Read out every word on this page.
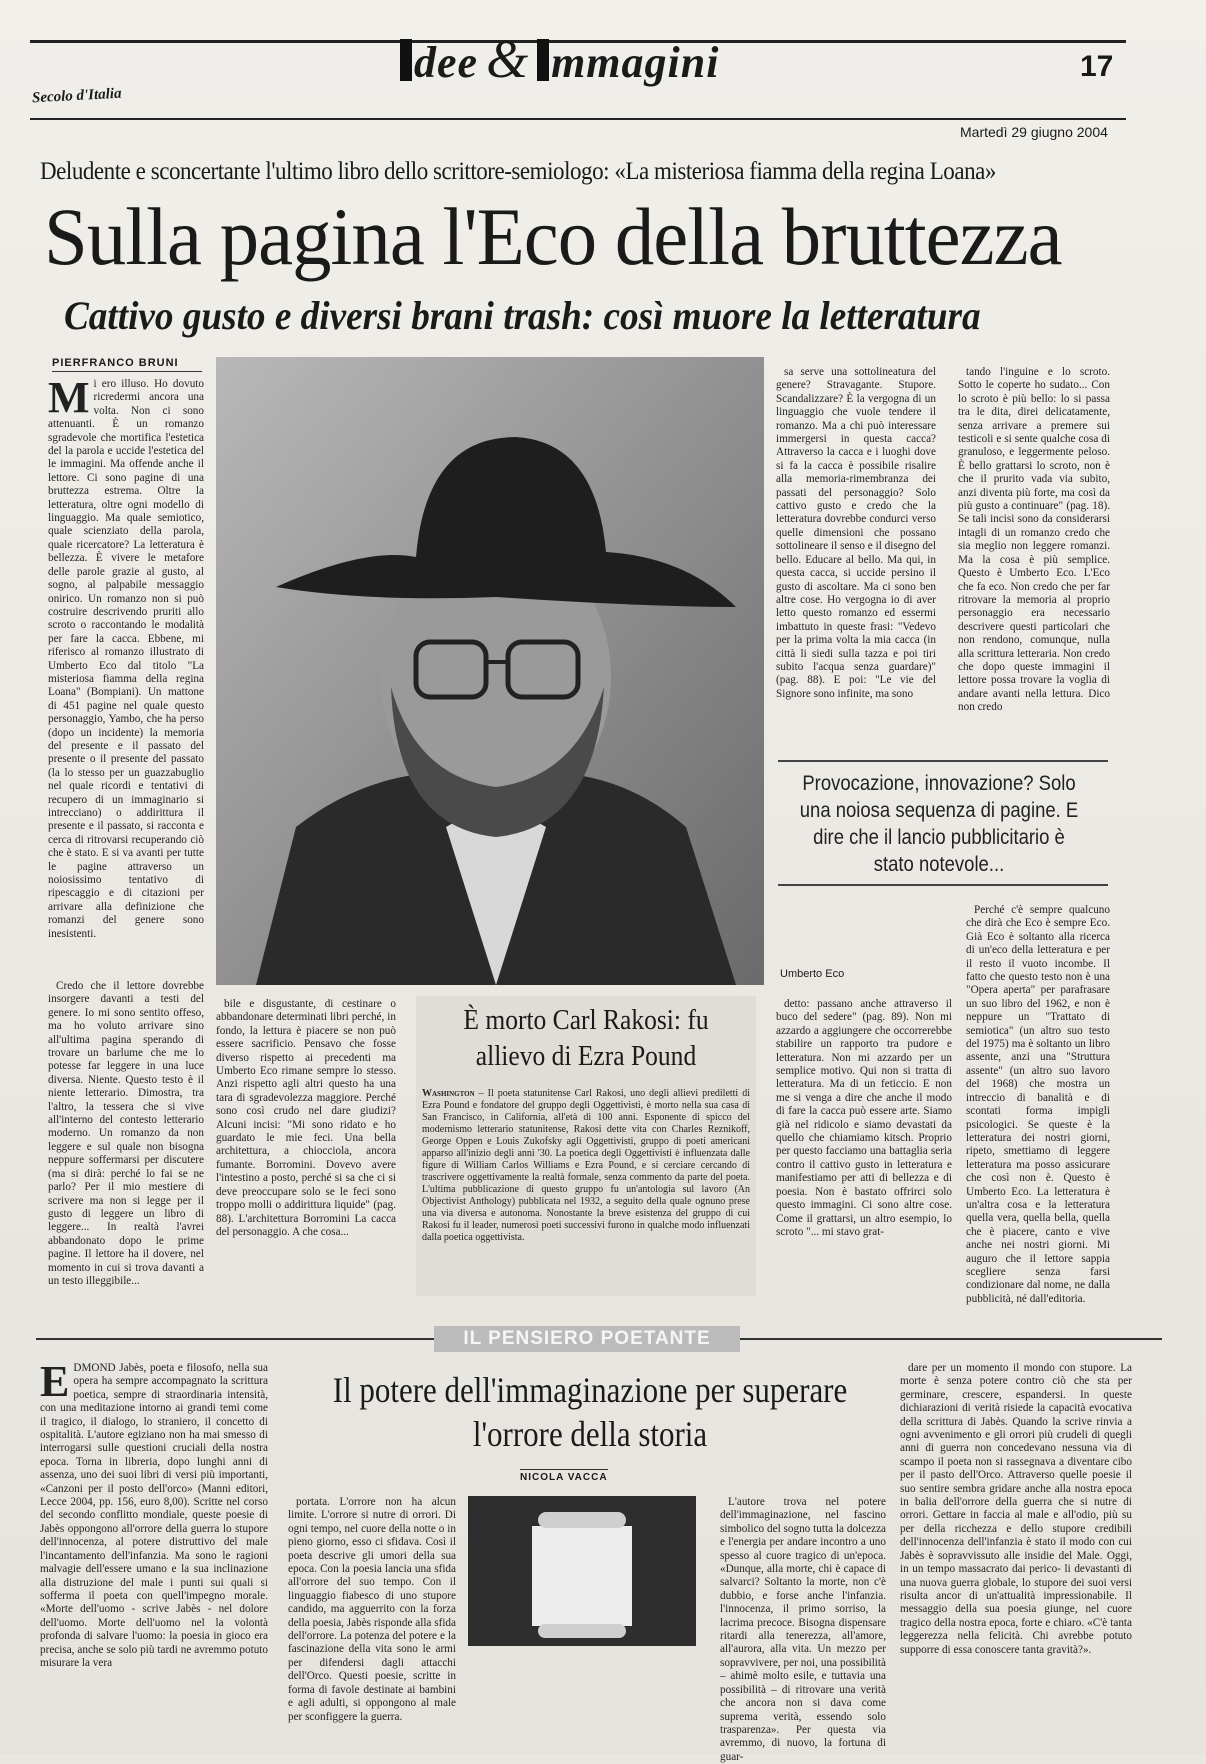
Secolo d'Italia
dee & mmagini	17
Martedì 29 giugno 2004
Deludente e sconcertante l'ultimo libro dello scrittore-semiologo: «La misteriosa fiamma della regina Loana»
Sulla pagina l'Eco della bruttezza
Cattivo gusto e diversi brani trash: così muore la letteratura
PIERFRANCO BRUNI
Mi ero illuso. Ho dovuto ricredermi ancora una volta. Non ci sono attenuanti. È un romanzo sgradevole che mortifica l'estetica del la parola e uccide l'estetica del le immagini. Ma offende anche il lettore. Ci sono pagine di una bruttezza estrema. Oltre la letteratura, oltre ogni modello di linguaggio. Ma quale semiotico, quale scienziato della parola, quale ricercatore? La letteratura è bellezza. È vivere le metafore delle parole grazie al gusto, al sogno, al palpabile messaggio onirico. Un romanzo non si può costruire descrivendo pruriti allo scroto o raccontando le modalità per fare la cacca. Ebbene, mi riferisco al romanzo illustrato di Umberto Eco dal titolo "La misteriosa fiamma della regina Loana" (Bompiani). Un mattone di 451 pagine nel quale questo personaggio, Yambo, che ha perso (dopo un incidente) la memoria del presente e il passato del presente o il presente del passato (la lo stesso per un guazzabuglio nel quale ricordi e tentativi di recupero di un immaginario si intrecciano) o addirittura il presente e il passato, si racconta e cerca di ritrovarsi recuperando ciò che è stato. E si va avanti per tutte le pagine attraverso un noiosissimo tentativo di ripescaggio e di citazioni per arrivare alla definizione che romanzi del genere sono inesistenti.

Credo che il lettore dovrebbe insorgere davanti a testi del genere. Io mi sono sentito offeso, ma ho voluto arrivare sino all'ultima pagina sperando di trovare un barlume che me lo potesse far leggere in una luce diversa. Niente. Questo testo è il niente letterario. Dimostra, tra l'altro, la tessera che si vive all'interno del contesto letterario moderno. Un romanzo da non leggere e sul quale non bisogna neppure soffermarsi per discutere (ma si dirà: perché lo fai se ne parlo? Per il mio mestiere di scrivere ma non si legge per il gusto di leggere un libro di leggere... In realtà l'avrei abbandonato dopo le prime pagine. Il lettore ha il dovere, nel momento in cui si trova davanti a un testo illeggibile...

Umberto Eco

sa serve una sottolineatura del genere? Stravagante. Stupore. Scandalizzare? È la vergogna di un linguaggio che vuole tendere il romanzo. Ma a chi può interessare immergersi in questa cacca? Attraverso la cacca e i luoghi dove si fa la cacca è possibile risalire alla memoria-rimembranza dei passati del personaggio? Solo cattivo gusto e credo che la letteratura dovrebbe condurci verso quelle dimensioni che possano sottolineare il senso e il disegno del bello. Educare al bello. Ma qui, in questa cacca, si uccide persino il gusto di ascoltare. Ma ci sono ben altre cose. Ho vergogna io di aver letto questo romanzo ed essermi imbattuto in queste frasi: "Vedevo per la prima volta la mia cacca (in città li siedi sulla tazza e poi tiri subito l'acqua senza guardare)" (pag. 88). E poi: "Le vie del Signore sono infinite, ma sono

tando l'inguine e lo scroto. Sotto le coperte ho sudato... Con lo scroto è più bello: lo si passa tra le dita, direi delicatamente, senza arrivare a premere sui testicoli e si sente qualche cosa di granuloso, e leggermente peloso. È bello grattarsi lo scroto, non è che il prurito vada via subito, anzi diventa più forte, ma così da più gusto a continuare" (pag. 18). Se tali incisi sono da considerarsi intagli di un romanzo credo che sia meglio non leggere romanzi. Ma la cosa è più semplice. Questo è Umberto Eco. L'Eco che fa eco. Non credo che per far ritrovare la memoria al proprio personaggio era necessario descrivere questi particolari che non rendono, comunque, nulla alla scrittura letteraria. Non credo che dopo queste immagini il lettore possa trovare la voglia di andare avanti nella lettura. Dico non credo

Provocazione, innovazione? Solo una noiosa sequenza di pagine. E dire che il lancio pubblicitario è stato notevole...

Perché c'è sempre qualcuno che dirà che Eco è sempre Eco. Già Eco è soltanto alla ricerca di un'eco della letteratura e per il resto il vuoto incombe. Il fatto che questo testo non è una "Opera aperta" per parafrasare un suo libro del 1962, e non è neppure un "Trattato di semiotica" (un altro suo testo del 1975) ma è soltanto un libro assente, anzi una "Struttura assente" (un altro suo lavoro del 1968) che mostra un intreccio di banalità e di scontati forma impigli psicologici. Se queste è la letteratura dei nostri giorni, ripeto, smettiamo di leggere letteratura ma posso assicurare che così non è. Questo è Umberto Eco. La letteratura è un'altra cosa e la letteratura quella vera, quella bella, quella che è piacere, canto e vive anche nei nostri giorni. Mi auguro che il lettore sappia scegliere senza farsi condizionare dal nome, ne dalla pubblicità, né dall'editoria.

bile e disgustante, di cestinare o abbandonare determinati libri perché, in fondo, la lettura è piacere se non può essere sacrificio. Pensavo che fosse diverso rispetto ai precedenti ma Umberto Eco rimane sempre lo stesso. Anzi rispetto agli altri questo ha una tara di sgradevolezza maggiore. Perché sono così crudo nel dare giudizi? Alcuni incisi: "Mi sono ridato e ho guardato le mie feci. Una bella architettura, a chiocciola, ancora fumante. Borromini. Dovevo avere l'intestino a posto, perché si sa che ci si deve preoccupare solo se le feci sono troppo molli o addirittura liquide" (pag. 88). L'architettura Borromini La cacca del personaggio. A che cosa...

È morto Carl Rakosi: fu allievo di Ezra Pound
Washington – Il poeta statunitense Carl Rakosi, uno degli allievi prediletti di Ezra Pound e fondatore del gruppo degli Oggettivisti, è morto nella sua casa di San Francisco, in California, all'età di 100 anni. Esponente di spicco del modernismo letterario statunitense, Rakosi dette vita con Charles Reznikoff, George Oppen e Louis Zukofsky agli Oggettivisti, gruppo di poeti americani apparso all'inizio degli anni '30. La poetica degli Oggettivisti è influenzata dalle figure di William Carlos Williams e Ezra Pound, e si cerciare cercando di trascrivere oggettivamente la realtà formale, senza commento da parte del poeta. L'ultima pubblicazione di questo gruppo fu un'antologia sul lavoro (An Objectivist Anthology) pubblicata nel 1932, a seguito della quale ognuno prese una via diversa e autonoma. Nonostante la breve esistenza del gruppo di cui Rakosi fu il leader, numerosi poeti successivi furono in qualche modo influenzati dalla poetica oggettivista.

detto: passano anche attraverso il buco del sedere" (pag. 89). Non mi azzardo a aggiungere che occorrerebbe stabilire un rapporto tra pudore e letteratura. Non mi azzardo per un semplice motivo. Qui non si tratta di letteratura. Ma di un feticcio. E non me si venga a dire che anche il modo di fare la cacca può essere arte. Siamo già nel ridicolo e siamo devastati da quello che chiamiamo kitsch. Proprio per questo facciamo una battaglia seria contro il cattivo gusto in letteratura e manifestiamo per atti di bellezza e di poesia. Non è bastato offrirci solo questo immagini. Ci sono altre cose. Come il grattarsi, un altro esempio, lo scroto "... mi stavo grat-

IL PENSIERO POETANTE
Il potere dell'immaginazione per superare l'orrore della storia
NICOLA VACCA
EDMOND Jabès, poeta e filosofo, nella sua opera ha sempre accompagnato la scrittura poetica, sempre di straordinaria intensità, con una meditazione intorno ai grandi temi come il tragico, il dialogo, lo straniero, il concetto di ospitalità. L'autore egiziano non ha mai smesso di interrogarsi sulle questioni cruciali della nostra epoca. Torna in libreria, dopo lunghi anni di assenza, uno dei suoi libri di versi più importanti, «Canzoni per il posto dell'orco» (Manni editori, Lecce 2004, pp. 156, euro 8,00). Scritte nel corso del secondo conflitto mondiale, queste poesie di Jabès oppongono all'orrore della guerra lo stupore dell'innocenza, al potere distruttivo del male l'incantamento dell'infanzia. Ma sono le ragioni malvagie dell'essere umano e la sua inclinazione alla distruzione del male i punti sui quali si sofferma il poeta con quell'impegno morale. «Morte dell'uomo - scrive Jabès - nel dolore dell'uomo. Morte dell'uomo nel la volontà profonda di salvare l'uomo: la poesia in gioco era precisa, anche se solo più tardi ne avremmo potuto misurare la vera

portata. L'orrore non ha alcun limite. L'orrore si nutre di orrori. Di ogni tempo, nel cuore della notte o in pieno giorno, esso ci sfidava. Così il poeta descrive gli umori della sua epoca. Con la poesia lancia una sfida all'orrore del suo tempo. Con il linguaggio fiabesco di uno stupore candido, ma agguerrito con la forza della poesia, Jabès risponde alla sfida dell'orrore. La potenza del potere e la fascinazione della vita sono le armi per difendersi dagli attacchi dell'Orco. Questi poesie, scritte in forma di favole destinate ai bambini e agli adulti, si oppongono al male per sconfiggere la guerra.

L'autore trova nel potere dell'immaginazione, nel fascino simbolico del sogno tutta la dolcezza e l'energia per andare incontro a uno spesso al cuore tragico di un'epoca. «Dunque, alla morte, chi è capace di salvarci? Soltanto la morte, non c'è dubbio, e forse anche l'infanzia. l'innocenza, il primo sorriso, la lacrima precoce. Bisogna dispensare ritardi alla tenerezza, all'amore, all'aurora, alla vita. Un mezzo per sopravvivere, per noi, una possibilità – ahimè molto esile, e tuttavia una possibilità – di ritrovare una verità che ancora non si dava come suprema verità, essendo solo trasparenza». Per questa via avremmo, di nuovo, la fortuna di guar-

dare per un momento il mondo con stupore. La morte è senza potere contro ciò che sta per germinare, crescere, espandersi. In queste dichiarazioni di verità risiede la capacità evocativa della scrittura di Jabès. Quando la scrive rinvia a ogni avvenimento e gli orrori più crudeli di quegli anni di guerra non concedevano nessuna via di scampo il poeta non si rassegnava a diventare cibo per il pasto dell'Orco. Attraverso quelle poesie il suo sentire sembra gridare anche alla nostra epoca in balia dell'orrore della guerra che si nutre di orrori. Gettare in faccia al male e all'odio, più su per della ricchezza e dello stupore credibili dell'innocenza dell'infanzia è stato il modo con cui Jabès è sopravvissuto alle insidie del Male. Oggi, in un tempo massacrato dai perico- li devastanti di una nuova guerra globale, lo stupore dei suoi versi risulta ancor di un'attualità impressionabile. Il messaggio della sua poesia giunge, nel cuore tragico della nostra epoca, forte e chiaro. «C'è tanta leggerezza nella felicità. Chi avrebbe potuto supporre di essa conoscere tanta gravità?».
